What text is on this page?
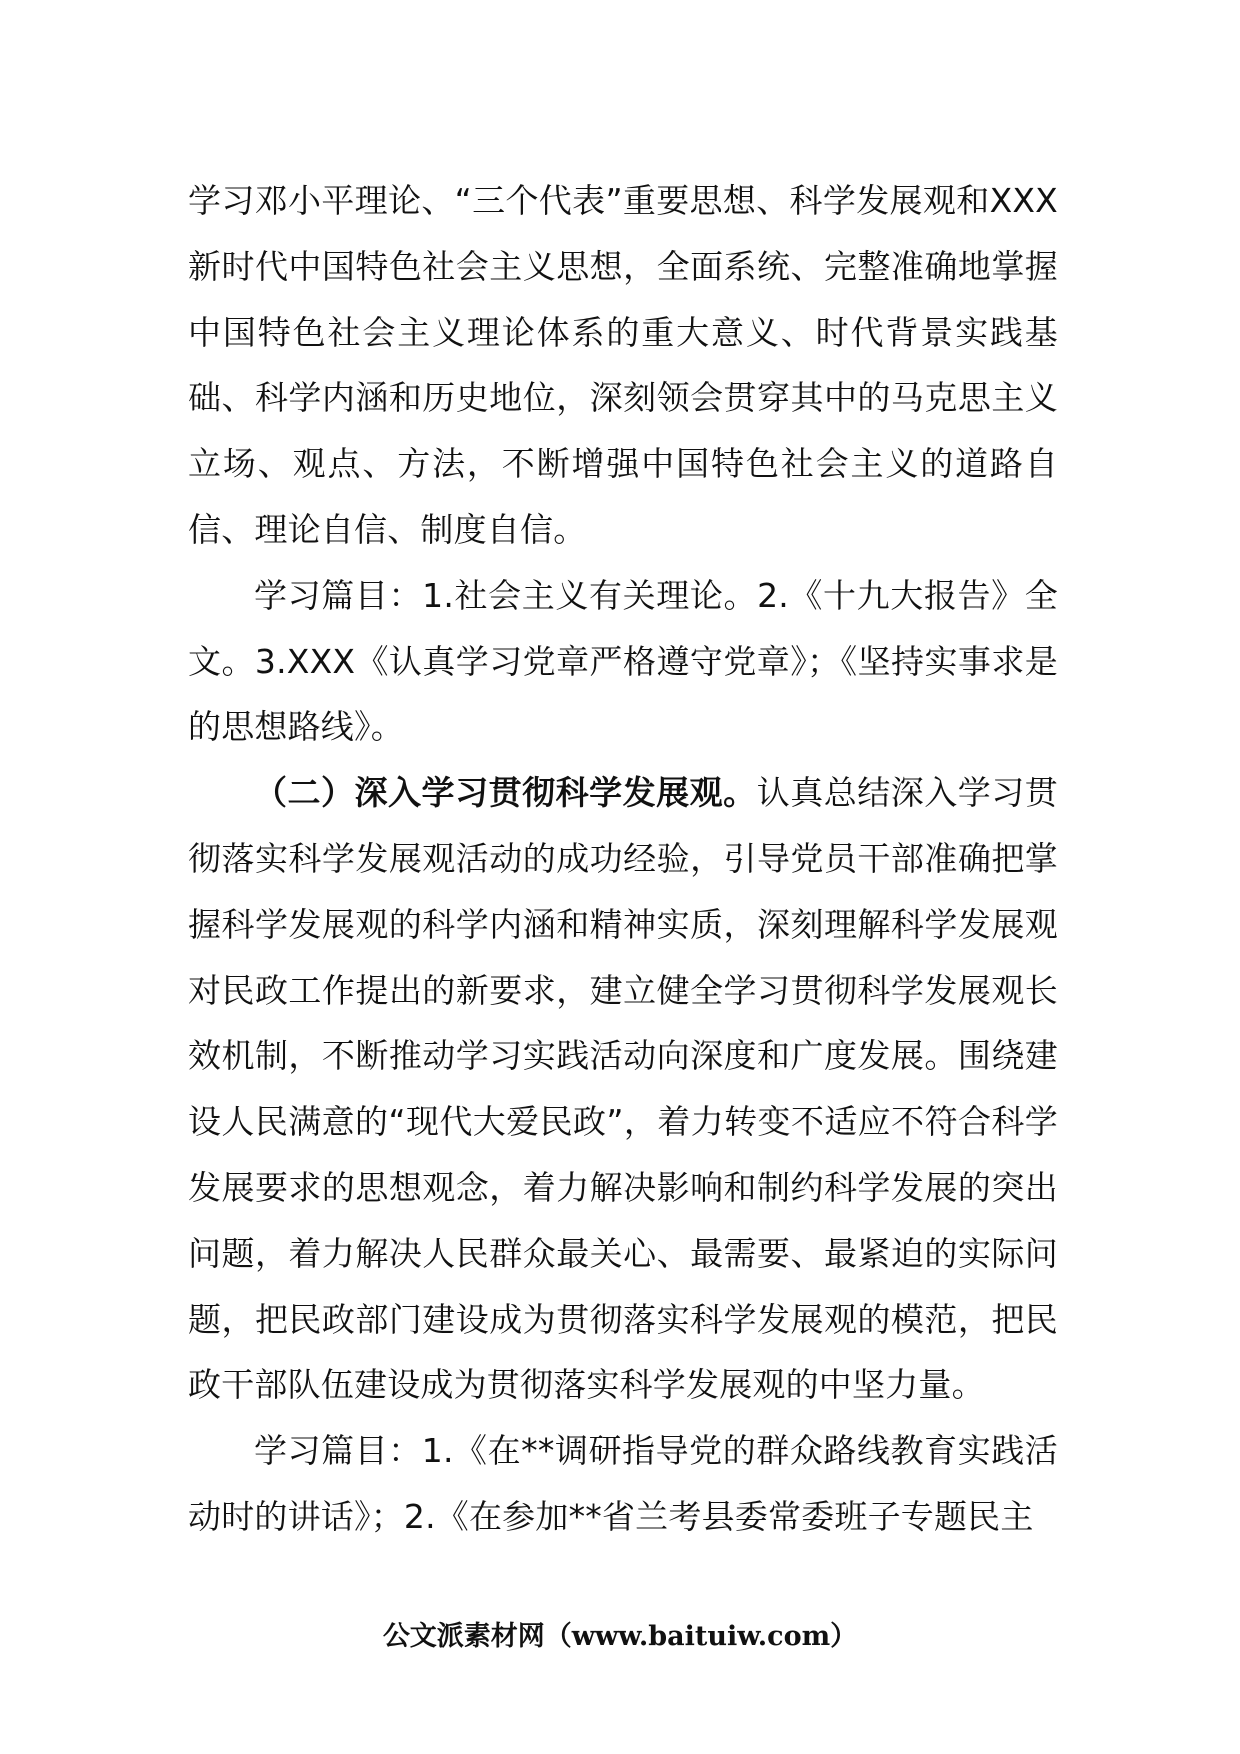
学习邓小平理论、“三个代表”重要思想、科学发展观和XXX新时代中国特色社会主义思想，全面系统、完整准确地掌握中国特色社会主义理论体系的重大意义、时代背景实践基础、科学内涵和历史地位，深刻领会贯穿其中的马克思主义立场、观点、方法，不断增强中国特色社会主义的道路自信、理论自信、制度自信。

学习篇目：1.社会主义有关理论。2.《十九大报告》全文。3.XXX《认真学习党章严格遵守党章》；《坚持实事求是的思想路线》。

（二）深入学习贯彻科学发展观。认真总结深入学习贯彻落实科学发展观活动的成功经验，引导党员干部准确把掌握科学发展观的科学内涵和精神实质，深刻理解科学发展观对民政工作提出的新要求，建立健全学习贯彻科学发展观长效机制，不断推动学习实践活动向深度和广度发展。围绕建设人民满意的“现代大爱民政”，着力转变不适应不符合科学发展要求的思想观念，着力解决影响和制约科学发展的突出问题，着力解决人民群众最关心、最需要、最紧迫的实际问题，把民政部门建设成为贯彻落实科学发展观的模范，把民政干部队伍建设成为贯彻落实科学发展观的中坚力量。

学习篇目：1.《在**调研指导党的群众路线教育实践活动时的讲话》；2.《在参加**省兰考县委常委班子专题民主

公文派素材网（www.baituiw.com）
